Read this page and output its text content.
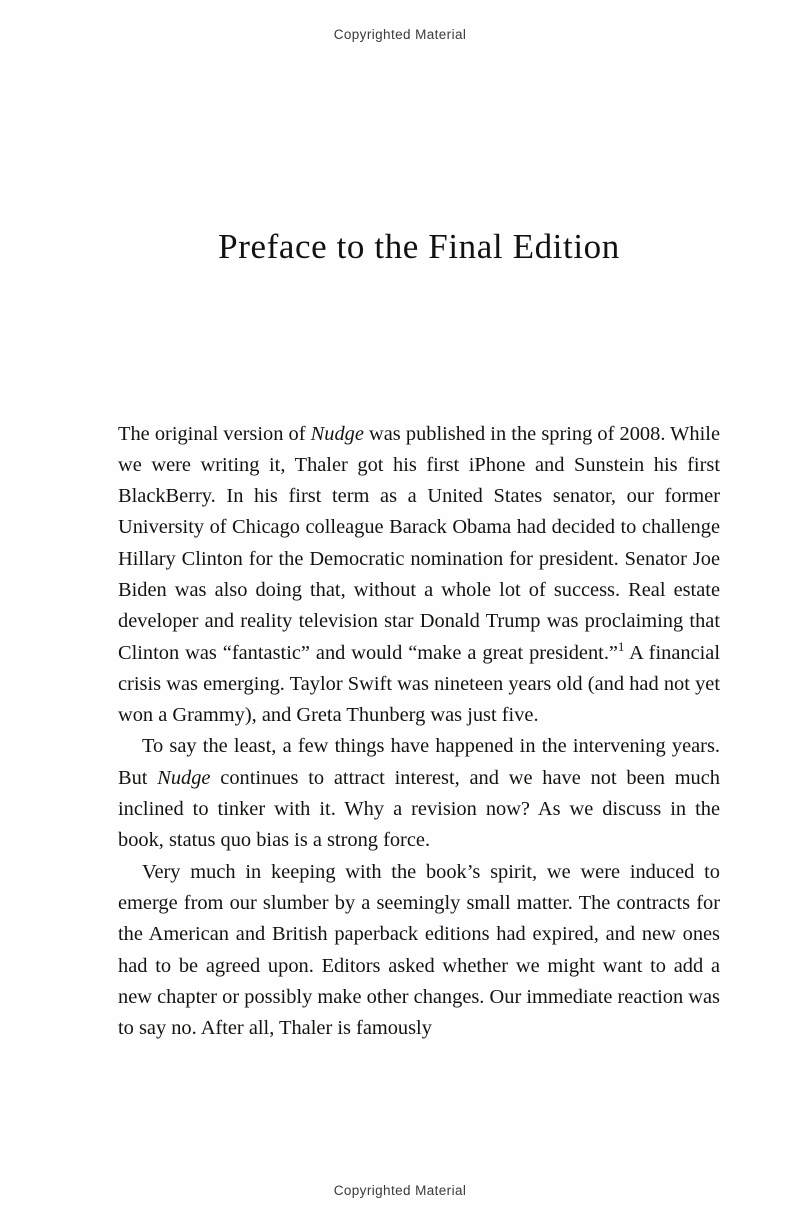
Copyrighted Material
Preface to the Final Edition

The original version of Nudge was published in the spring of 2008. While we were writing it, Thaler got his first iPhone and Sunstein his first BlackBerry. In his first term as a United States senator, our former University of Chicago colleague Barack Obama had decided to challenge Hillary Clinton for the Democratic nomination for president. Senator Joe Biden was also doing that, without a whole lot of success. Real estate developer and reality television star Donald Trump was proclaiming that Clinton was “fantastic” and would “make a great president.”$^1$ A financial crisis was emerging. Taylor Swift was nineteen years old (and had not yet won a Grammy), and Greta Thunberg was just five.

To say the least, a few things have happened in the intervening years. But Nudge continues to attract interest, and we have not been much inclined to tinker with it. Why a revision now? As we discuss in the book, status quo bias is a strong force.

Very much in keeping with the book’s spirit, we were induced to emerge from our slumber by a seemingly small matter. The contracts for the American and British paperback editions had expired, and new ones had to be agreed upon. Editors asked whether we might want to add a new chapter or possibly make other changes. Our immediate reaction was to say no. After all, Thaler is famously

Copyrighted Material
